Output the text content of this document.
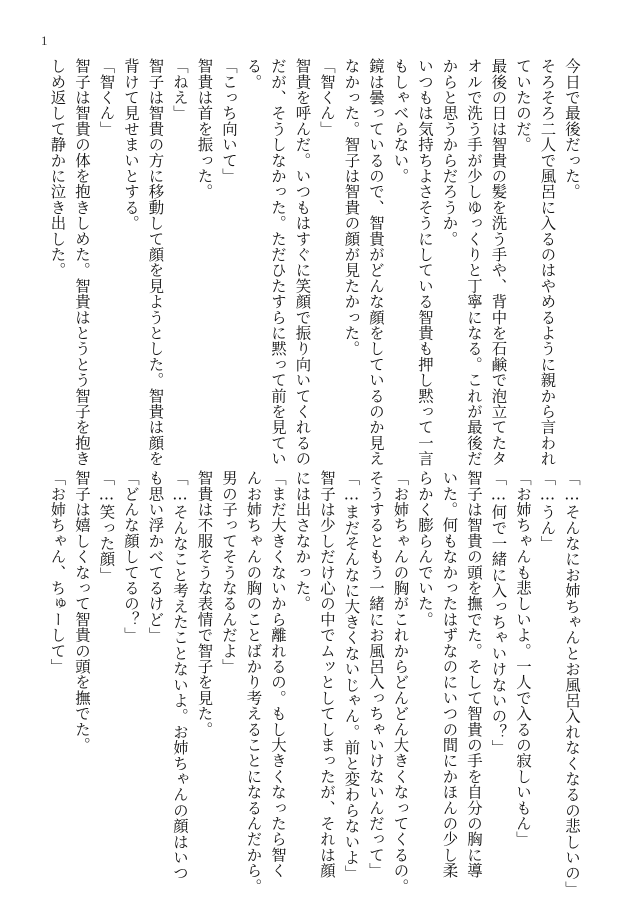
1
今日で最後だった。
そろそろ二人で風呂に入るのはやめるように親から言われ
ていたのだ。
最後の日は智貴の髪を洗う手や、背中を石鹸で泡立てたタ
オルで洗う手が少しゆっくりと丁寧になる。これが最後だ
からと思うからだろうか。
いつもは気持ちよさそうにしている智貴も押し黙って一言
もしゃべらない。
鏡は曇っているので、智貴がどんな顔をしているのか見え
なかった。智子は智貴の顔が見たかった。
「智くん」
智貴を呼んだ。いつもはすぐに笑顔で振り向いてくれるの
だが、そうしなかった。ただひたすらに黙って前を見てい
る。
「こっち向いて」
智貴は首を振った。
「ねえ」
智子は智貴の方に移動して顔を見ようとした。智貴は顔を
背けて見せまいとする。
「智くん」
智子は智貴の体を抱きしめた。智貴はとうとう智子を抱き
しめ返して静かに泣き出した。
「…そんなにお姉ちゃんとお風呂入れなくなるの悲しいの」
「…うん」
「お姉ちゃんも悲しいよ。一人で入るの寂しいもん」
「…何で一緒に入っちゃいけないの？」
智子は智貴の頭を撫でた。そして智貴の手を自分の胸に導
いた。何もなかったはずなのにいつの間にかほんの少し柔
らかく膨らんでいた。
「お姉ちゃんの胸がこれからどんどん大きくなってくるの。
そうするともう一緒にお風呂入っちゃいけないんだって」
「…まだそんなに大きくないじゃん。前と変わらないよ」
智子は少しだけ心の中でムッとしてしまったが、それは顔
には出さなかった。
「まだ大きくないから離れるの。もし大きくなったら智く
んお姉ちゃんの胸のことばかり考えることになるんだから。
男の子ってそうなるんだよ」
智貴は不服そうな表情で智子を見た。
「…そんなこと考えたことないよ。お姉ちゃんの顔はいつ
も思い浮かべてるけど」
「どんな顔してるの？」
「…笑った顔」
智子は嬉しくなって智貴の頭を撫でた。
「お姉ちゃん、ちゅーして」
